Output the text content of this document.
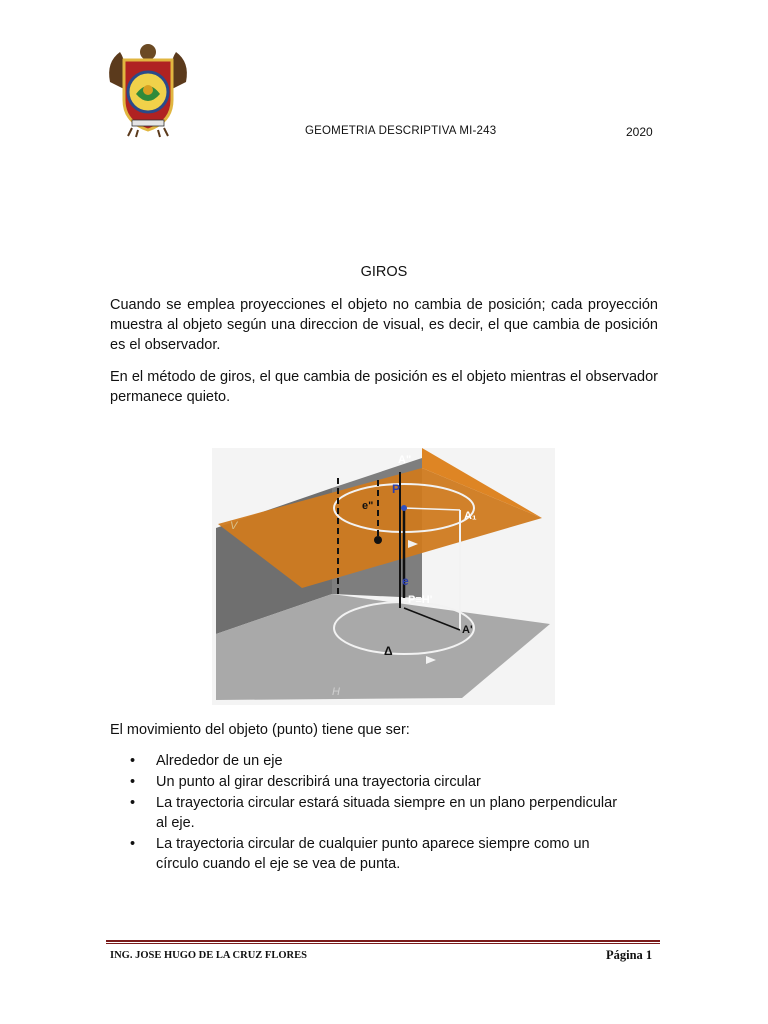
GEOMETRIA DESCRIPTIVA MI-243	2020
GIROS
Cuando se emplea proyecciones el objeto no cambia de posición; cada proyección muestra al objeto según una direccion de visual, es decir, el que cambia de posición es el observador.
En el método de giros, el que cambia de posición es el objeto mientras el observador permanece quieto.
A"
P
e"
A₁
e
P≡H'
A'
Δ
V
H
El movimiento del objeto (punto) tiene que ser:
• Alrededor de un eje
• Un punto al girar describirá una trayectoria circular
• La trayectoria circular estará situada siempre en un plano perpendicular al eje.
• La trayectoria circular de cualquier punto aparece siempre como un círculo cuando el eje se vea de punta.
ING. JOSE HUGO DE LA CRUZ FLORES	Página 1
